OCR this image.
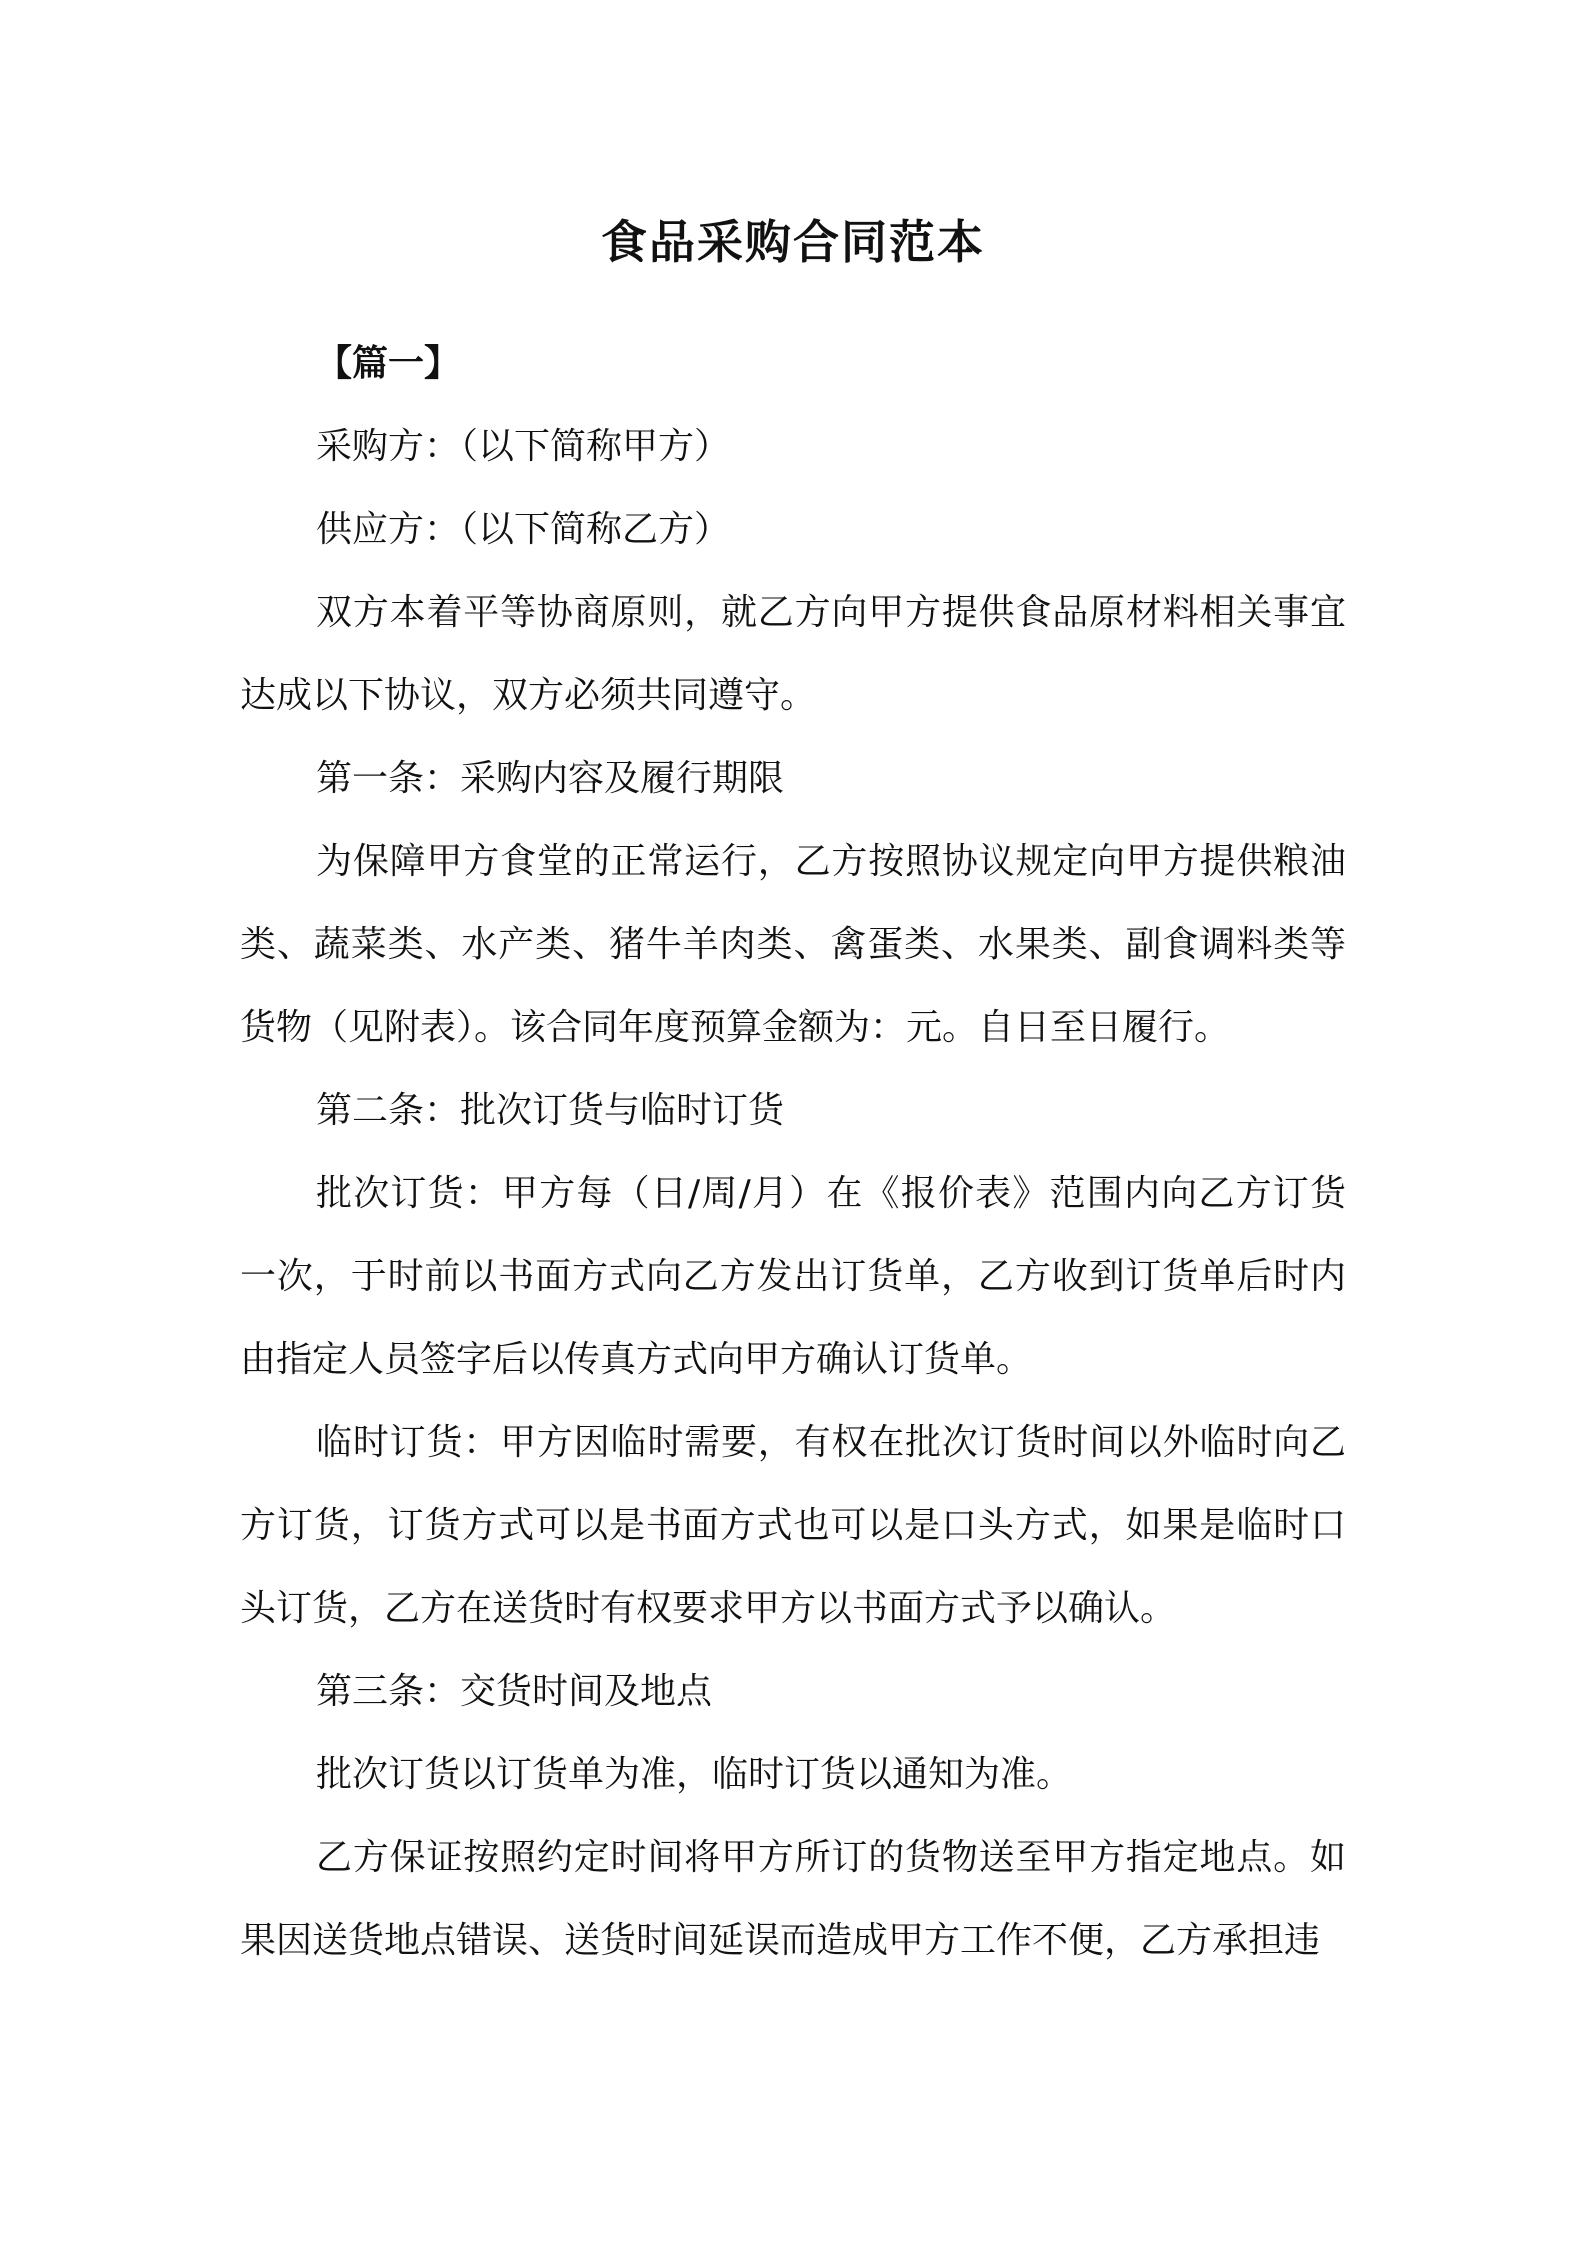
食品采购合同范本

【篇一】

采购方：（以下简称甲方）

供应方：（以下简称乙方）

双方本着平等协商原则，就乙方向甲方提供食品原材料相关事宜达成以下协议，双方必须共同遵守。

第一条：采购内容及履行期限

为保障甲方食堂的正常运行，乙方按照协议规定向甲方提供粮油类、蔬菜类、水产类、猪牛羊肉类、禽蛋类、水果类、副食调料类等货物（见附表）。该合同年度预算金额为：元。自日至日履行。

第二条：批次订货与临时订货

批次订货：甲方每（日/周/月）在《报价表》范围内向乙方订货一次，于时前以书面方式向乙方发出订货单，乙方收到订货单后时内由指定人员签字后以传真方式向甲方确认订货单。

临时订货：甲方因临时需要，有权在批次订货时间以外临时向乙方订货，订货方式可以是书面方式也可以是口头方式，如果是临时口头订货，乙方在送货时有权要求甲方以书面方式予以确认。

第三条：交货时间及地点

批次订货以订货单为准，临时订货以通知为准。

乙方保证按照约定时间将甲方所订的货物送至甲方指定地点。如果因送货地点错误、送货时间延误而造成甲方工作不便，乙方承担违
